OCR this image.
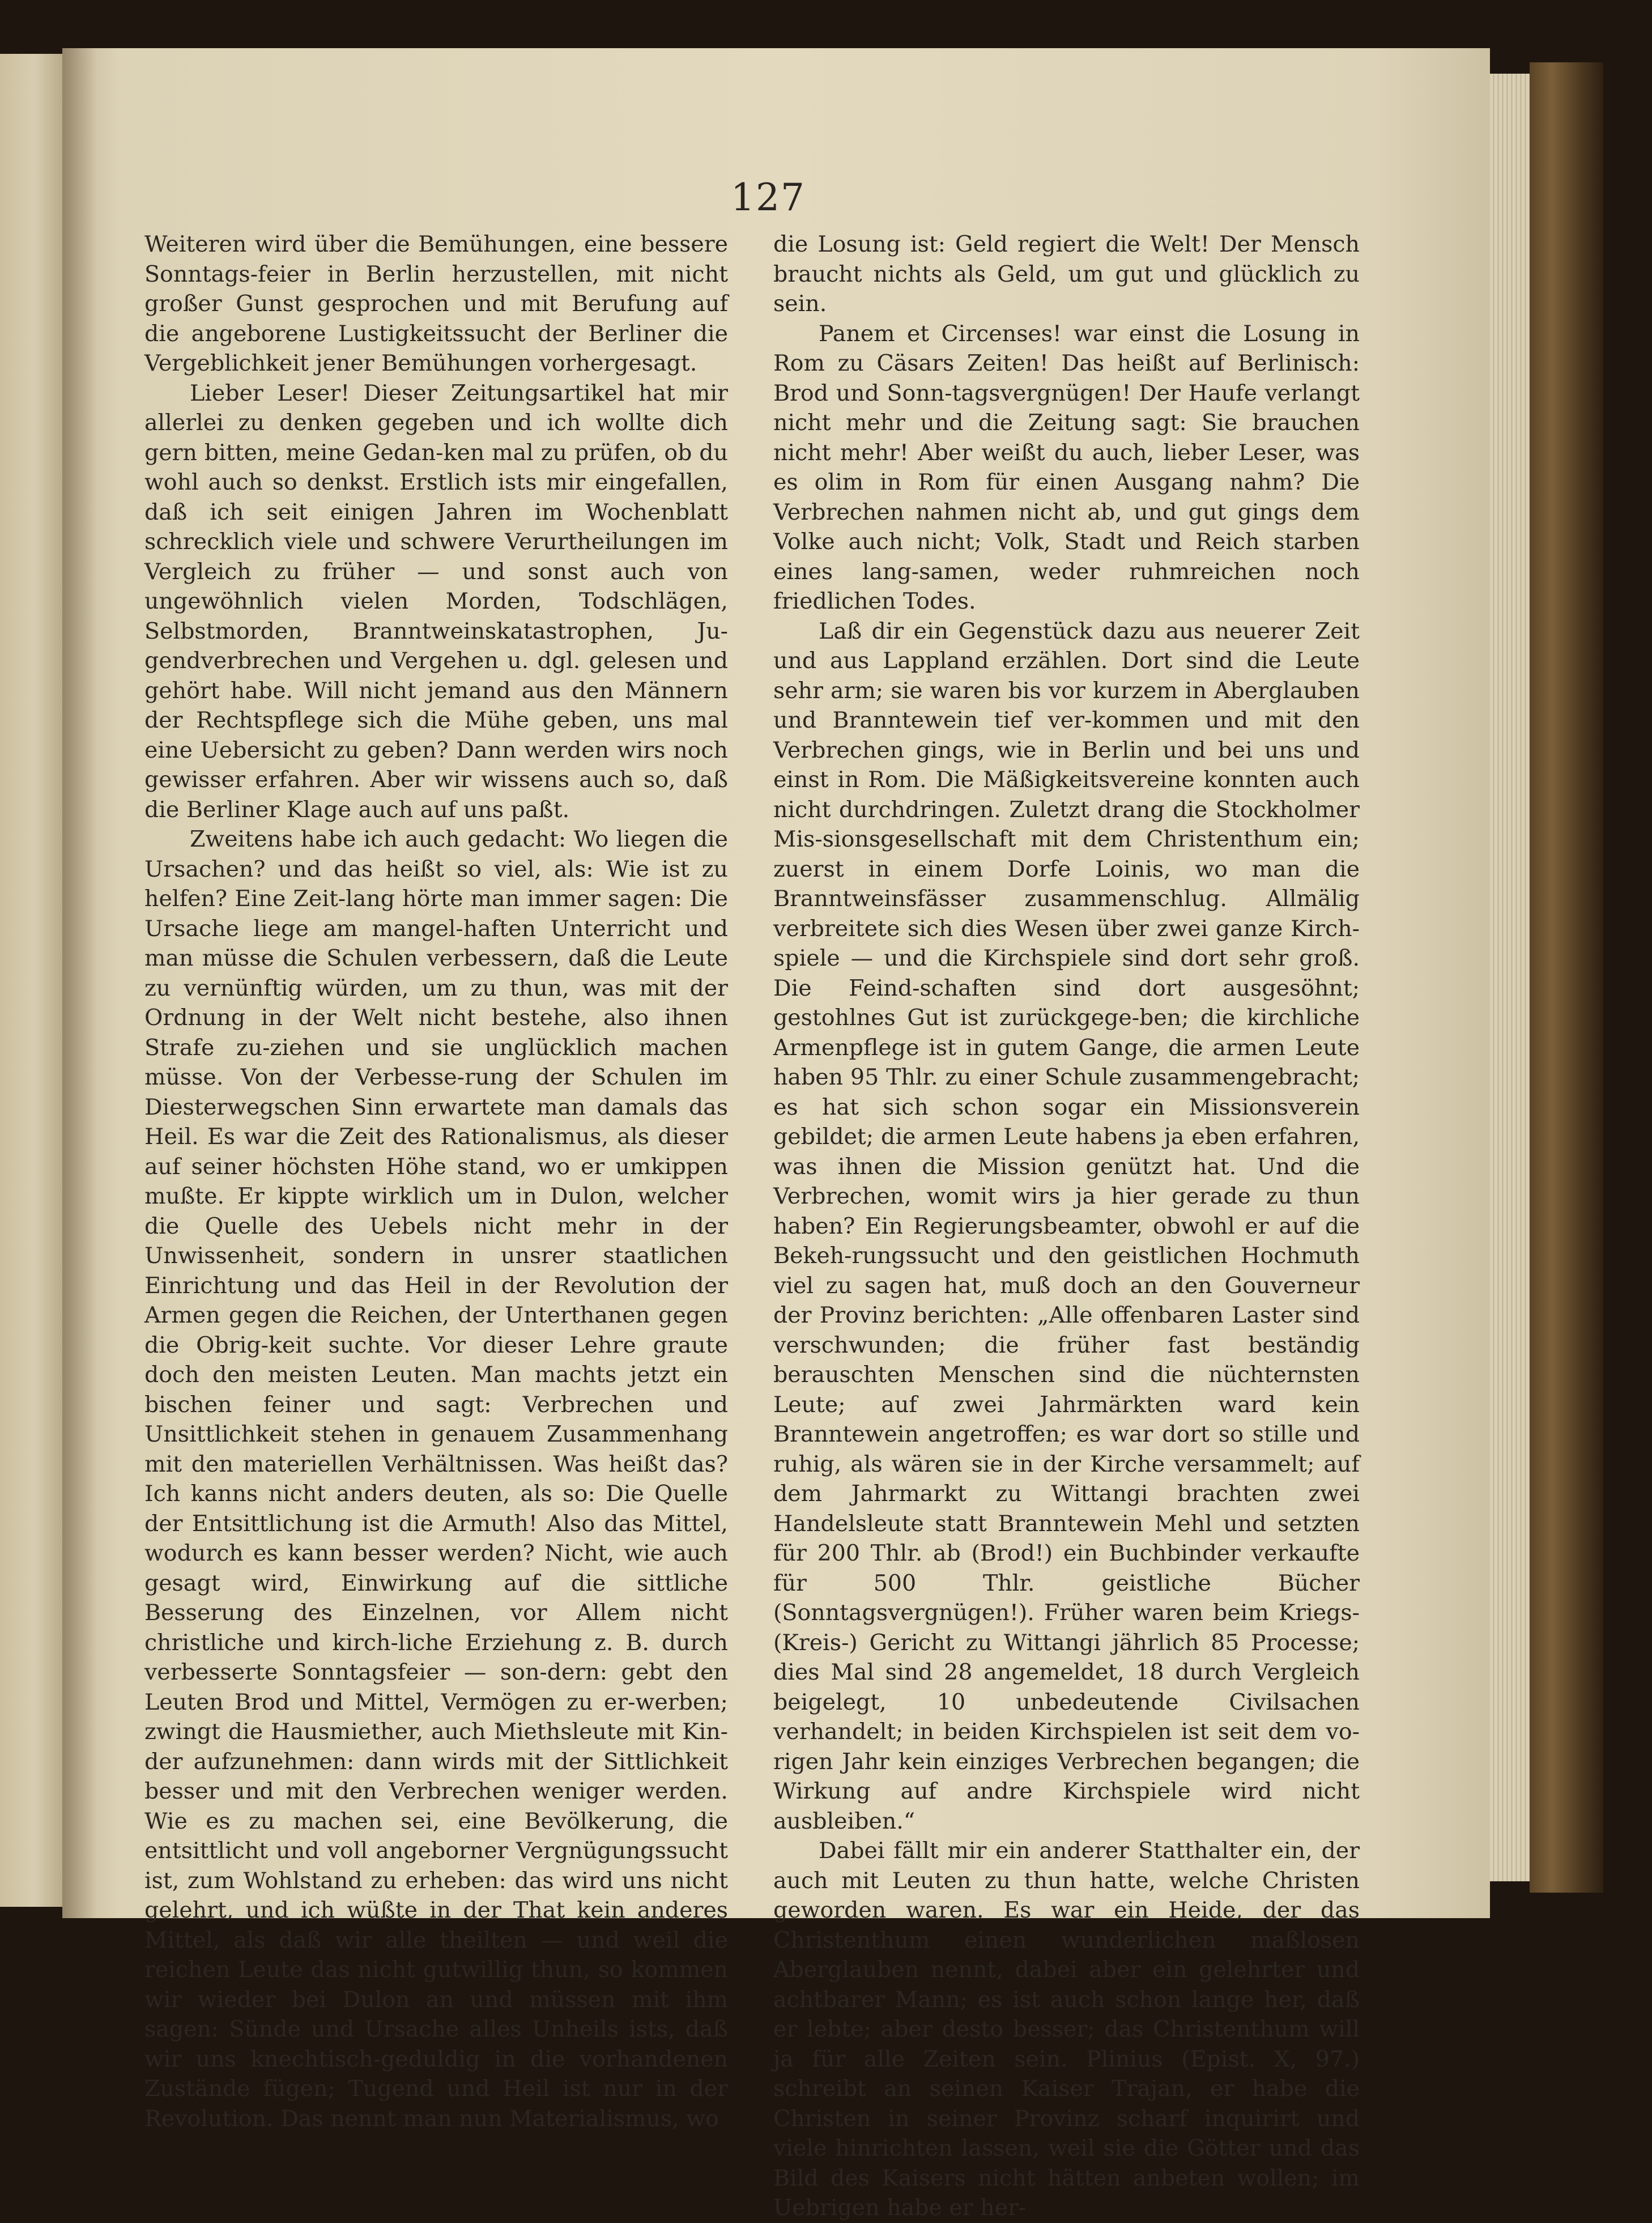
127

Weiteren wird über die Bemühungen, eine bessere Sonntags-feier in Berlin herzustellen, mit nicht großer Gunst gesprochen und mit Berufung auf die angeborene Lustigkeitssucht der Berliner die Vergeblichkeit jener Bemühungen vorhergesagt.

Lieber Leser! Dieser Zeitungsartikel hat mir allerlei zu denken gegeben und ich wollte dich gern bitten, meine Gedan-ken mal zu prüfen, ob du wohl auch so denkst. Erstlich ists mir eingefallen, daß ich seit einigen Jahren im Wochenblatt schrecklich viele und schwere Verurtheilungen im Vergleich zu früher — und sonst auch von ungewöhnlich vielen Morden, Todschlägen, Selbstmorden, Branntweinskatastrophen, Ju-gendverbrechen und Vergehen u. dgl. gelesen und gehört habe. Will nicht jemand aus den Männern der Rechtspflege sich die Mühe geben, uns mal eine Uebersicht zu geben? Dann werden wirs noch gewisser erfahren. Aber wir wissens auch so, daß die Berliner Klage auch auf uns paßt.

Zweitens habe ich auch gedacht: Wo liegen die Ursachen? und das heißt so viel, als: Wie ist zu helfen? Eine Zeit-lang hörte man immer sagen: Die Ursache liege am mangel-haften Unterricht und man müsse die Schulen verbessern, daß die Leute zu vernünftig würden, um zu thun, was mit der Ordnung in der Welt nicht bestehe, also ihnen Strafe zu-ziehen und sie unglücklich machen müsse. Von der Verbesse-rung der Schulen im Diesterwegschen Sinn erwartete man damals das Heil. Es war die Zeit des Rationalismus, als dieser auf seiner höchsten Höhe stand, wo er umkippen mußte. Er kippte wirklich um in Dulon, welcher die Quelle des Uebels nicht mehr in der Unwissenheit, sondern in unsrer staatlichen Einrichtung und das Heil in der Revolution der Armen gegen die Reichen, der Unterthanen gegen die Obrig-keit suchte. Vor dieser Lehre graute doch den meisten Leuten. Man machts jetzt ein bischen feiner und sagt: Verbrechen und Unsittlichkeit stehen in genauem Zusammenhang mit den materiellen Verhältnissen. Was heißt das? Ich kanns nicht anders deuten, als so: Die Quelle der Entsittlichung ist die Armuth! Also das Mittel, wodurch es kann besser werden? Nicht, wie auch gesagt wird, Einwirkung auf die sittliche Besserung des Einzelnen, vor Allem nicht christliche und kirch-liche Erziehung z. B. durch verbesserte Sonntagsfeier — son-dern: gebt den Leuten Brod und Mittel, Vermögen zu er-werben; zwingt die Hausmiether, auch Miethsleute mit Kin-der aufzunehmen: dann wirds mit der Sittlichkeit besser und mit den Verbrechen weniger werden. Wie es zu machen sei, eine Bevölkerung, die entsittlicht und voll angeborner Vergnügungssucht ist, zum Wohlstand zu erheben: das wird uns nicht gelehrt, und ich wüßte in der That kein anderes Mittel, als daß wir alle theilten — und weil die reichen Leute das nicht gutwillig thun, so kommen wir wieder bei Dulon an und müssen mit ihm sagen: Sünde und Ursache alles Unheils ists, daß wir uns knechtisch-geduldig in die vorhandenen Zustände fügen; Tugend und Heil ist nur in der Revolution. Das nennt man nun Materialismus, wo

die Losung ist: Geld regiert die Welt! Der Mensch braucht nichts als Geld, um gut und glücklich zu sein.

Panem et Circenses! war einst die Losung in Rom zu Cäsars Zeiten! Das heißt auf Berlinisch: Brod und Sonn-tagsvergnügen! Der Haufe verlangt nicht mehr und die Zeitung sagt: Sie brauchen nicht mehr! Aber weißt du auch, lieber Leser, was es olim in Rom für einen Ausgang nahm? Die Verbrechen nahmen nicht ab, und gut gings dem Volke auch nicht; Volk, Stadt und Reich starben eines lang-samen, weder ruhmreichen noch friedlichen Todes.

Laß dir ein Gegenstück dazu aus neuerer Zeit und aus Lappland erzählen. Dort sind die Leute sehr arm; sie waren bis vor kurzem in Aberglauben und Branntewein tief ver-kommen und mit den Verbrechen gings, wie in Berlin und bei uns und einst in Rom. Die Mäßigkeitsvereine konnten auch nicht durchdringen. Zuletzt drang die Stockholmer Mis-sionsgesellschaft mit dem Christenthum ein; zuerst in einem Dorfe Loinis, wo man die Branntweinsfässer zusammenschlug. Allmälig verbreitete sich dies Wesen über zwei ganze Kirch-spiele — und die Kirchspiele sind dort sehr groß. Die Feind-schaften sind dort ausgesöhnt; gestohlnes Gut ist zurückgege-ben; die kirchliche Armenpflege ist in gutem Gange, die armen Leute haben 95 Thlr. zu einer Schule zusammengebracht; es hat sich schon sogar ein Missionsverein gebildet; die armen Leute habens ja eben erfahren, was ihnen die Mission genützt hat. Und die Verbrechen, womit wirs ja hier gerade zu thun haben? Ein Regierungsbeamter, obwohl er auf die Bekeh-rungssucht und den geistlichen Hochmuth viel zu sagen hat, muß doch an den Gouverneur der Provinz berichten: „Alle offenbaren Laster sind verschwunden; die früher fast beständig berauschten Menschen sind die nüchternsten Leute; auf zwei Jahrmärkten ward kein Branntewein angetroffen; es war dort so stille und ruhig, als wären sie in der Kirche versammelt; auf dem Jahrmarkt zu Wittangi brachten zwei Handelsleute statt Branntewein Mehl und setzten für 200 Thlr. ab (Brod!) ein Buchbinder verkaufte für 500 Thlr. geistliche Bücher (Sonntagsvergnügen!). Früher waren beim Kriegs- (Kreis-) Gericht zu Wittangi jährlich 85 Processe; dies Mal sind 28 angemeldet, 18 durch Vergleich beigelegt, 10 unbedeutende Civilsachen verhandelt; in beiden Kirchspielen ist seit dem vo-rigen Jahr kein einziges Verbrechen begangen; die Wirkung auf andre Kirchspiele wird nicht ausbleiben.“

Dabei fällt mir ein anderer Statthalter ein, der auch mit Leuten zu thun hatte, welche Christen geworden waren. Es war ein Heide, der das Christenthum einen wunderlichen maßlosen Aberglauben nennt, dabei aber ein gelehrter und achtbarer Mann; es ist auch schon lange her, daß er lebte; aber desto besser; das Christenthum will ja für alle Zeiten sein. Plinius (Epist. X, 97.) schreibt an seinen Kaiser Trajan, er habe die Christen in seiner Provinz scharf inquirirt und viele hinrichten lassen, weil sie die Götter und das Bild des Kaisers nicht hätten anbeten wollen; im Uebrigen habe er her-
